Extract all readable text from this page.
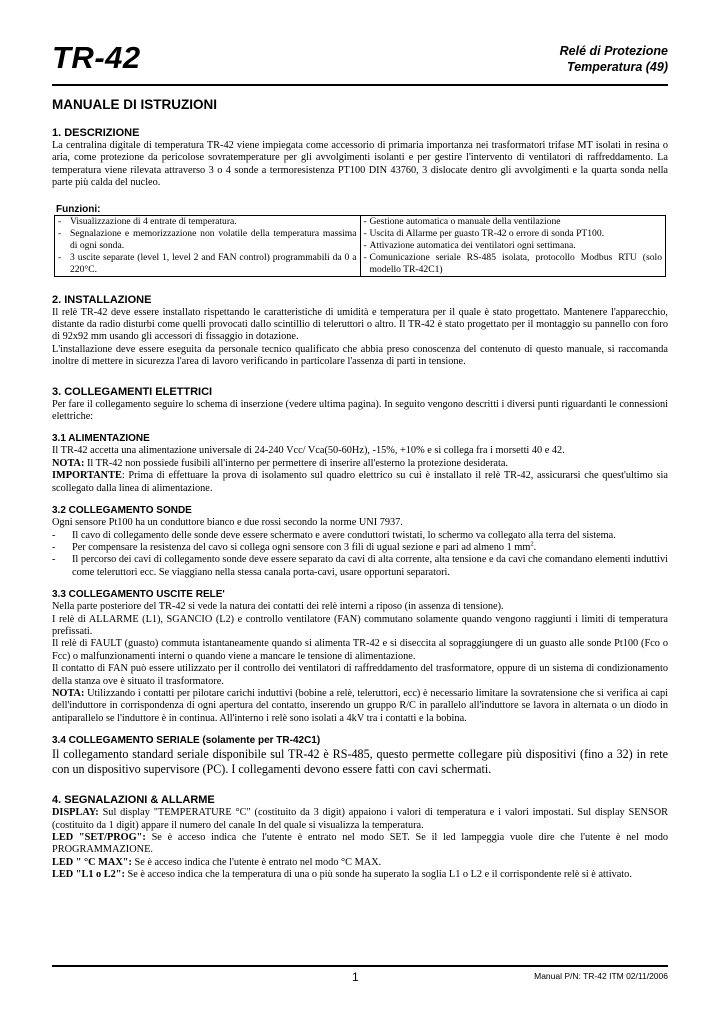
TR-42	Relé di Protezione
Temperatura (49)
MANUALE DI ISTRUZIONI
1. DESCRIZIONE

La centralina digitale di temperatura TR-42 viene impiegata come accessorio di primaria importanza nei trasformatori trifase MT isolati in resina o aria, come protezione da pericolose sovratemperature per gli avvolgimenti isolanti e per gestire l'intervento di ventilatori di raffreddamento. La temperatura viene rilevata attraverso 3 o 4 sonde a termoresistenza PT100 DIN 43760, 3 dislocate dentro gli avvolgimenti e la quarta sonda nella parte più calda del nucleo.

Funzioni:
- Visualizzazione di 4 entrate di temperatura.
- Segnalazione e memorizzazione non volatile della temperatura massima di ogni sonda.
- 3 uscite separate (level 1, level 2 and FAN control) programmabili da 0 a 220°C.

- Gestione automatica o manuale della ventilazione
- Uscita di Allarme per guasto TR-42 o errore di sonda PT100.
- Attivazione automatica dei ventilatori ogni settimana.
- Comunicazione seriale RS-485 isolata, protocollo Modbus RTU (solo modello TR-42C1)
2. INSTALLAZIONE

Il relè TR-42 deve essere installato rispettando le caratteristiche di umidità e temperatura per il quale è stato progettato. Mantenere l'apparecchio, distante da radio disturbi come quelli provocati dallo scintillio di teleruttori o altro. Il TR-42 è stato progettato per il montaggio su pannello con foro di 92x92 mm usando gli accessori di fissaggio in dotazione.

L'installazione deve essere eseguita da personale tecnico qualificato che abbia preso conoscenza del contenuto di questo manuale, si raccomanda inoltre di mettere in sicurezza l'area di lavoro verificando in particolare l'assenza di parti in tensione.

3. COLLEGAMENTI ELETTRICI

Per fare il collegamento seguire lo schema di inserzione (vedere ultima pagina). In seguito vengono descritti i diversi punti riguardanti le connessioni elettriche:

3.1 ALIMENTAZIONE

Il TR-42 accetta una alimentazione universale di 24-240 Vcc/ Vca(50-60Hz), -15%, +10% e si collega fra i morsetti 40 e 42.

NOTA: Il TR-42 non possiede fusibili all'interno per permettere di inserire all'esterno la protezione desiderata.

IMPORTANTE: Prima di effettuare la prova di isolamento sul quadro elettrico su cui è installato il relè TR-42, assicurarsi che quest'ultimo sia scollegato dalla linea di alimentazione.

3.2 COLLEGAMENTO SONDE

Ogni sensore Pt100 ha un conduttore bianco e due rossi secondo la norme UNI 7937.

-	Il cavo di collegamento delle sonde deve essere schermato e avere conduttori twistati, lo schermo va collegato alla terra del sistema.
-	Per compensare la resistenza del cavo si collega ogni sensore con 3 fili di ugual sezione e pari ad almeno 1 $mm^2$.
-	Il percorso dei cavi di collegamento sonde deve essere separato da cavi di alta corrente, alta tensione e da cavi che comandano elementi induttivi come teleruttori ecc. Se viaggiano nella stessa canala porta-cavi, usare opportuni separatori.
3.3 COLLEGAMENTO USCITE RELE'

Nella parte posteriore del TR-42 si vede la natura dei contatti dei relè interni a riposo (in assenza di tensione).

I relè di ALLARME (L1), SGANCIO (L2) e controllo ventilatore (FAN) commutano solamente quando vengono raggiunti i limiti di temperatura prefissati.

Il relè di FAULT (guasto) commuta istantaneamente quando si alimenta TR-42 e si diseccita al sopraggiungere di un guasto alle sonde Pt100 (Fco o Fcc) o malfunzionamenti interni o quando viene a mancare le tensione di alimentazione.

Il contatto di FAN può essere utilizzato per il controllo dei ventilatori di raffreddamento del trasformatore, oppure di un sistema di condizionamento della stanza ove è situato il trasformatore.

NOTA: Utilizzando i contatti per pilotare carichi induttivi (bobine a relè, teleruttori, ecc) è necessario limitare la sovratensione che si verifica ai capi dell'induttore in corrispondenza di ogni apertura del contatto, inserendo un gruppo R/C in parallelo all'induttore se lavora in alternata o un diodo in antiparallelo se l'induttore è in continua. All'interno i relè sono isolati a 4kV tra i contatti e la bobina.

3.4 COLLEGAMENTO SERIALE (solamente per TR-42C1)

Il collegamento standard seriale disponibile sul TR-42 è RS-485, questo permette collegare più dispositivi (fino a 32) in rete con un dispositivo supervisore (PC). I collegamenti devono essere fatti con cavi schermati.

4. SEGNALAZIONI & ALLARME

DISPLAY: Sul display "TEMPERATURE °C" (costituito da 3 digit) appaiono i valori di temperatura e i valori impostati. Sul display SENSOR (costituito da 1 digit) appare il numero del canale In del quale si visualizza la temperatura.

LED "SET/PROG": Se è acceso indica che l'utente è entrato nel modo SET. Se il led lampeggia vuole dire che l'utente è nel modo PROGRAMMAZIONE.

LED " °C MAX": Se è acceso indica che l'utente è entrato nel modo °C MAX.

LED "L1 o L2": Se è acceso indica che la temperatura di una o più sonde ha superato la soglia L1 o L2 e il corrispondente relè si è attivato.

1	Manual P/N: TR-42 ITM 02/11/2006
